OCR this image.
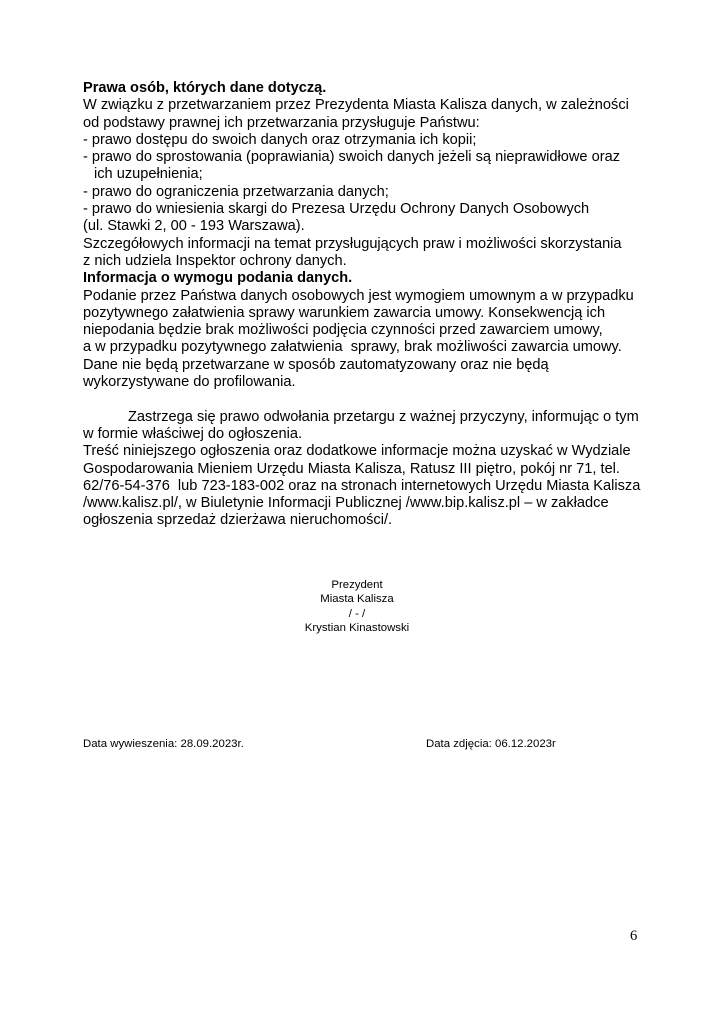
Prawa osób, których dane dotyczą.
W związku z przetwarzaniem przez Prezydenta Miasta Kalisza danych, w zależności
od podstawy prawnej ich przetwarzania przysługuje Państwu:
- prawo dostępu do swoich danych oraz otrzymania ich kopii;
- prawo do sprostowania (poprawiania) swoich danych jeżeli są nieprawidłowe oraz
ich uzupełnienia;
- prawo do ograniczenia przetwarzania danych;
- prawo do wniesienia skargi do Prezesa Urzędu Ochrony Danych Osobowych
(ul. Stawki 2, 00 - 193 Warszawa).
Szczegółowych informacji na temat przysługujących praw i możliwości skorzystania
z nich udziela Inspektor ochrony danych.
Informacja o wymogu podania danych.
Podanie przez Państwa danych osobowych jest wymogiem umownym a w przypadku
pozytywnego załatwienia sprawy warunkiem zawarcia umowy. Konsekwencją ich
niepodania będzie brak możliwości podjęcia czynności przed zawarciem umowy,
a w przypadku pozytywnego załatwienia  sprawy, brak możliwości zawarcia umowy.
Dane nie będą przetwarzane w sposób zautomatyzowany oraz nie będą
wykorzystywane do profilowania.
Zastrzega się prawo odwołania przetargu z ważnej przyczyny, informując o tym
w formie właściwej do ogłoszenia.
Treść niniejszego ogłoszenia oraz dodatkowe informacje można uzyskać w Wydziale
Gospodarowania Mieniem Urzędu Miasta Kalisza, Ratusz III piętro, pokój nr 71, tel.
62/76-54-376  lub 723-183-002 oraz na stronach internetowych Urzędu Miasta Kalisza
/www.kalisz.pl/, w Biuletynie Informacji Publicznej /www.bip.kalisz.pl – w zakładce
ogłoszenia sprzedaż dzierżawa nieruchomości/.
Prezydent
Miasta Kalisza
/ - /
Krystian Kinastowski
Data wywieszenia: 28.09.2023r.	Data zdjęcia: 06.12.2023r
6
